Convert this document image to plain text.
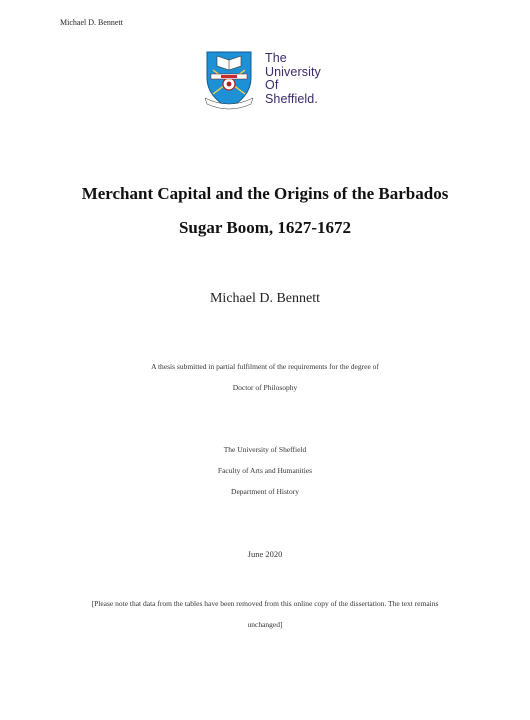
Michael D. Bennett
The
University
Of
Sheffield.
Merchant Capital and the Origins of the Barbados
Sugar Boom, 1627-1672
Michael D. Bennett
A thesis submitted in partial fulfilment of the requirements for the degree of
Doctor of Philosophy
The University of Sheffield
Faculty of Arts and Humanities
Department of History
June 2020
[Please note that data from the tables have been removed from this online copy of the dissertation. The text remains
unchanged]
